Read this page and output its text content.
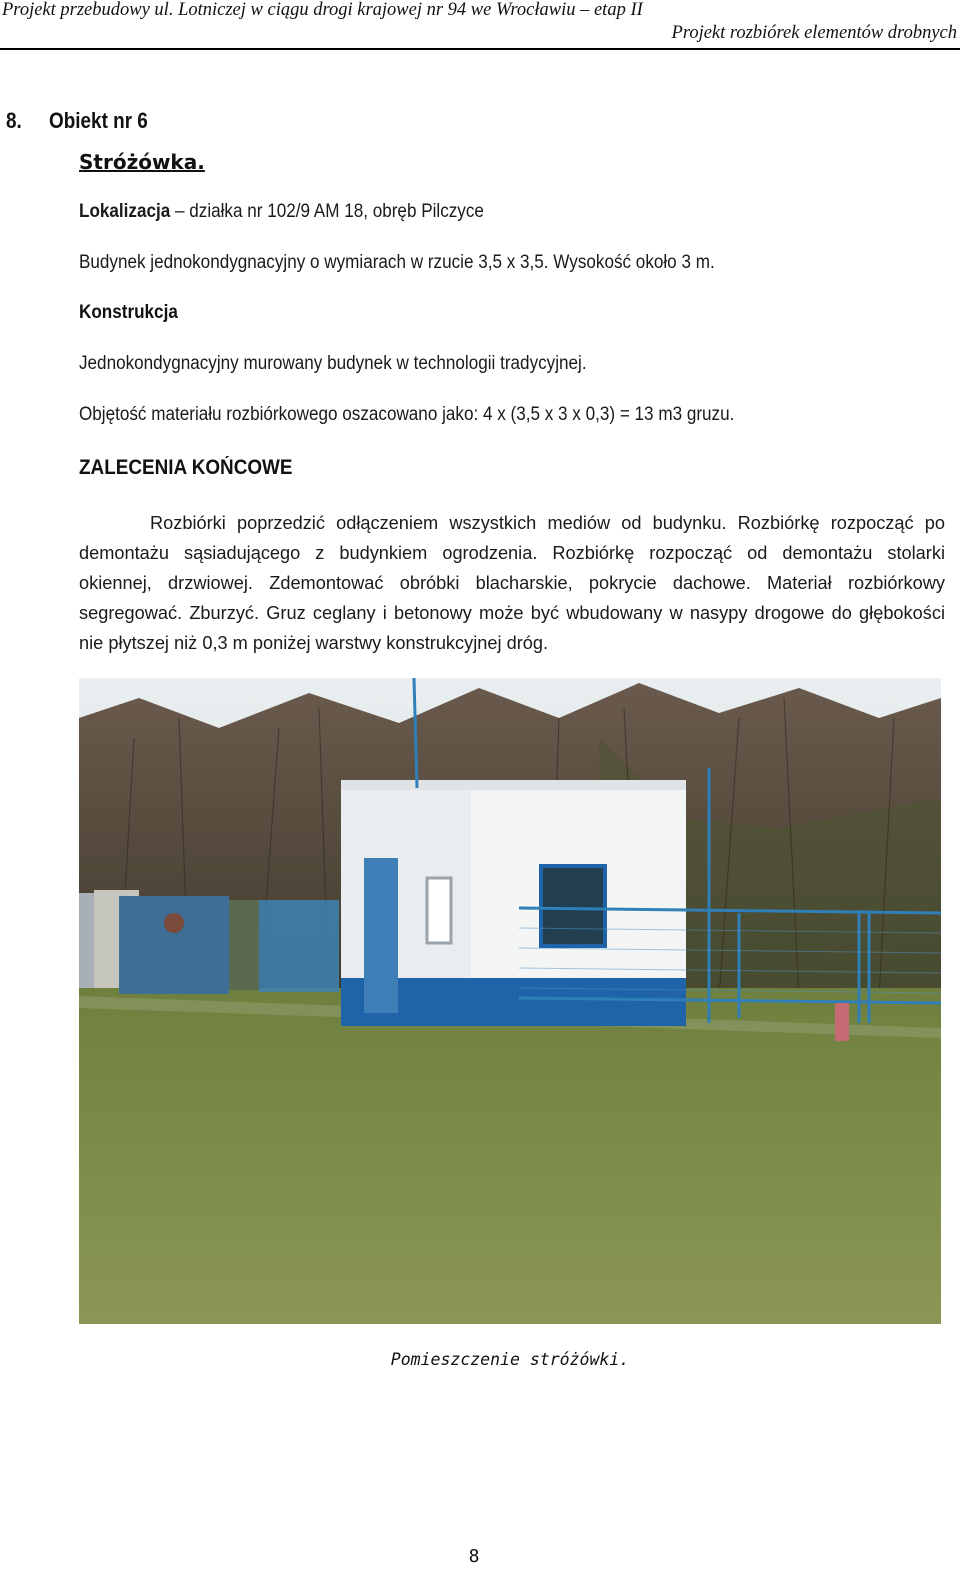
Projekt przebudowy ul. Lotniczej w ciągu drogi krajowej nr 94 we Wrocławiu – etap II
Projekt rozbiórek elementów drobnych
8. Obiekt nr 6
Stróżówka.
Lokalizacja – działka nr 102/9 AM 18, obręb Pilczyce
Budynek jednokondygnacyjny o wymiarach w rzucie 3,5 x 3,5. Wysokość około 3 m.
Konstrukcja
Jednokondygnacyjny murowany budynek w technologii tradycyjnej.
Objętość materiału rozbiórkowego oszacowano jako: 4 x (3,5 x 3 x 0,3) = 13 m3 gruzu.
ZALECENIA KOŃCOWE
Rozbiórki poprzedzić odłączeniem wszystkich mediów od budynku. Rozbiórkę rozpocząć po
demontażu sąsiadującego z budynkiem ogrodzenia. Rozbiórkę rozpocząć od demontażu stolarki
okiennej, drzwiowej. Zdemontować obróbki blacharskie, pokrycie dachowe. Materiał rozbiórkowy
segregować. Zburzyć. Gruz ceglany i betonowy może być wbudowany w nasypy drogowe do głębokości
nie płytszej niż 0,3 m poniżej warstwy konstrukcyjnej dróg.
Pomieszczenie stróżówki.
8
